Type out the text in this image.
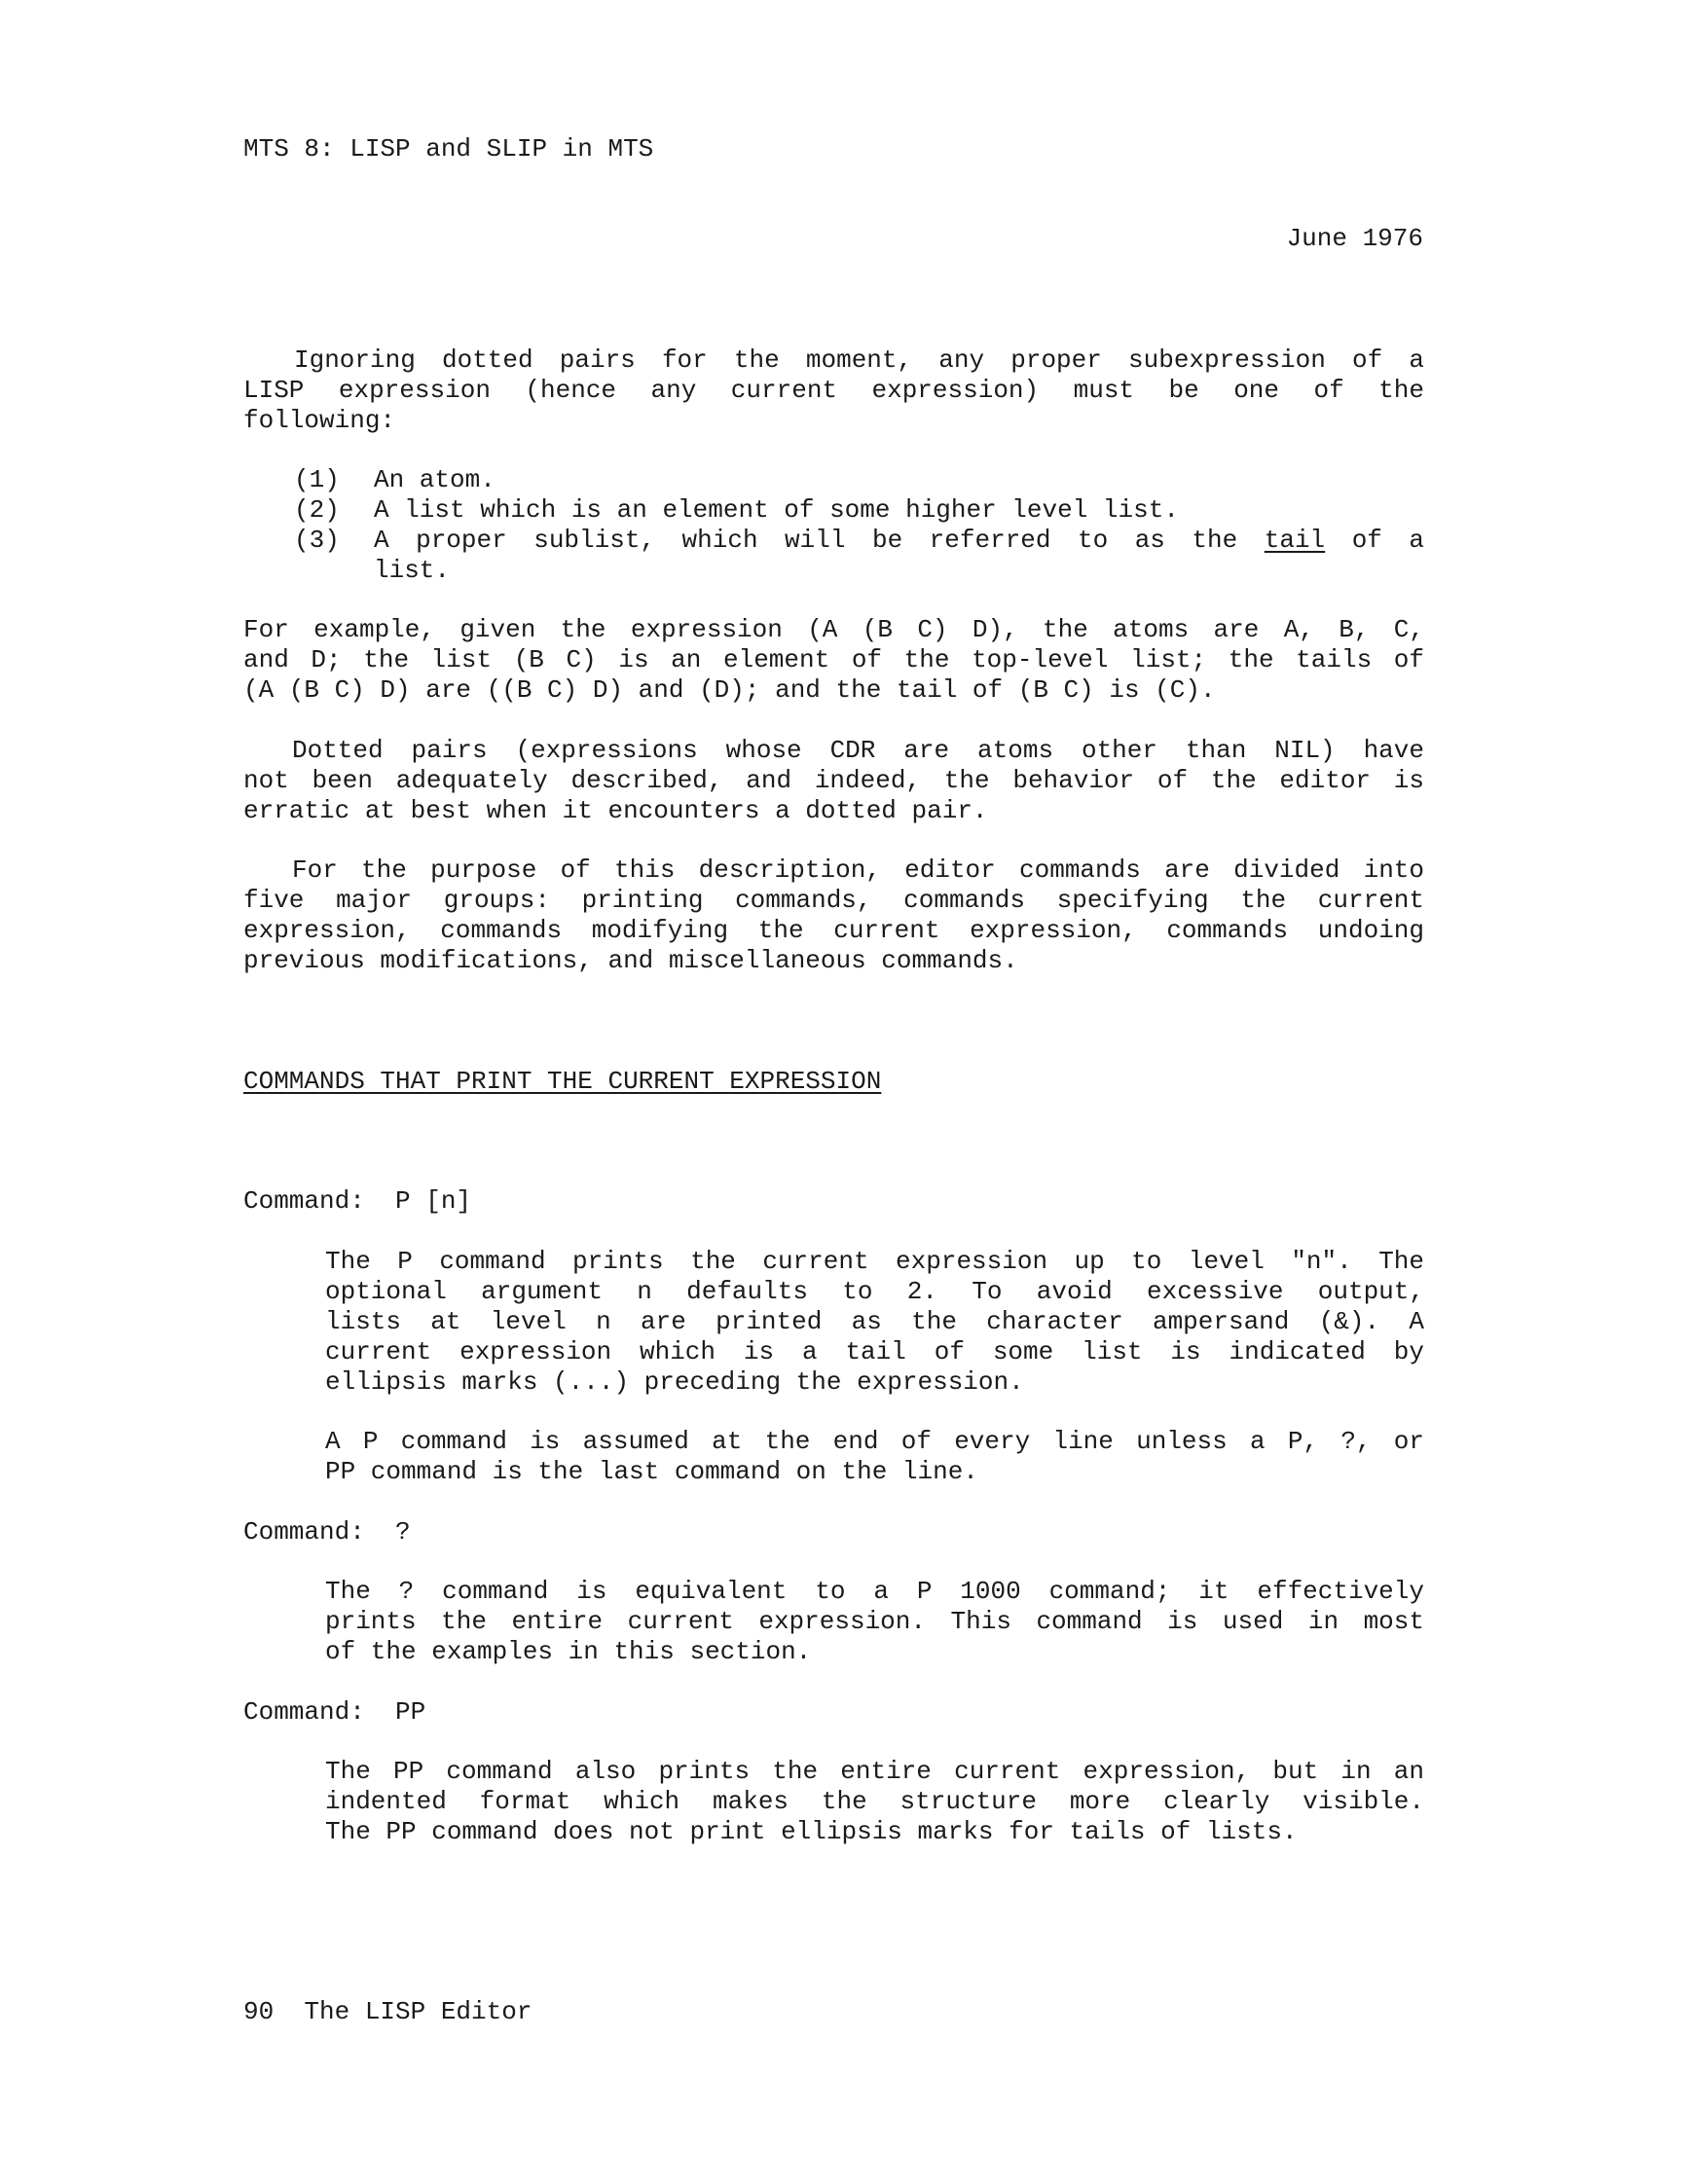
MTS 8: LISP and SLIP in MTS
June 1976
Ignoring dotted pairs for the moment, any proper subexpression of a
LISP expression (hence any current expression) must be one of the
following:
(1) An atom.
(2) A list which is an element of some higher level list.
(3) A proper sublist, which will be referred to as the tail of a
list.
For example, given the expression (A (B C) D), the atoms are A, B, C,
and D; the list (B C) is an element of the top-level list; the tails of
(A (B C) D) are ((B C) D) and (D); and the tail of (B C) is (C).
Dotted pairs (expressions whose CDR are atoms other than NIL) have
not been adequately described, and indeed, the behavior of the editor is
erratic at best when it encounters a dotted pair.
For the purpose of this description, editor commands are divided into
five major groups: printing commands, commands specifying the current
expression, commands modifying the current expression, commands undoing
previous modifications, and miscellaneous commands.
COMMANDS THAT PRINT THE CURRENT EXPRESSION
Command:  P [n]
The P command prints the current expression up to level "n". The
optional argument n defaults to 2. To avoid excessive output,
lists at level n are printed as the character ampersand (&). A
current expression which is a tail of some list is indicated by
ellipsis marks (...) preceding the expression.
A P command is assumed at the end of every line unless a P, ?, or
PP command is the last command on the line.
Command:  ?
The ? command is equivalent to a P 1000 command; it effectively
prints the entire current expression. This command is used in most
of the examples in this section.
Command:  PP
The PP command also prints the entire current expression, but in an
indented format which makes the structure more clearly visible.
The PP command does not print ellipsis marks for tails of lists.
90  The LISP Editor
